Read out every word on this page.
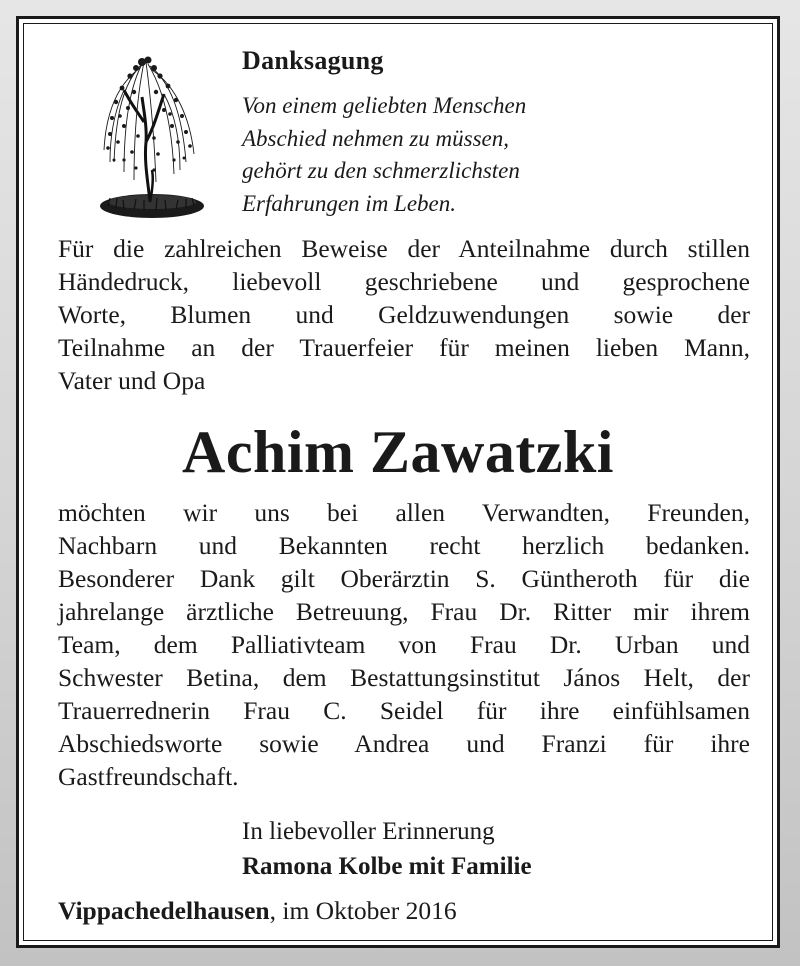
Danksagung
Von einem geliebten Menschen
Abschied nehmen zu müssen,
gehört zu den schmerzlichsten
Erfahrungen im Leben.
Für die zahlreichen Beweise der Anteilnahme durch stillen
Händedruck, liebevoll geschriebene und gesprochene
Worte, Blumen und Geldzuwendungen sowie der
Teilnahme an der Trauerfeier für meinen lieben Mann,
Vater und Opa
Achim Zawatzki
möchten wir uns bei allen Verwandten, Freunden,
Nachbarn und Bekannten recht herzlich bedanken.
Besonderer Dank gilt Oberärztin S. Güntheroth für die
jahrelange ärztliche Betreuung, Frau Dr. Ritter mir ihrem
Team, dem Palliativteam von Frau Dr. Urban und
Schwester Betina, dem Bestattungsinstitut János Helt, der
Trauerrednerin Frau C. Seidel für ihre einfühlsamen
Abschiedsworte sowie Andrea und Franzi für ihre
Gastfreundschaft.
In liebevoller Erinnerung
Ramona Kolbe mit Familie
Vippachedelhausen, im Oktober 2016
